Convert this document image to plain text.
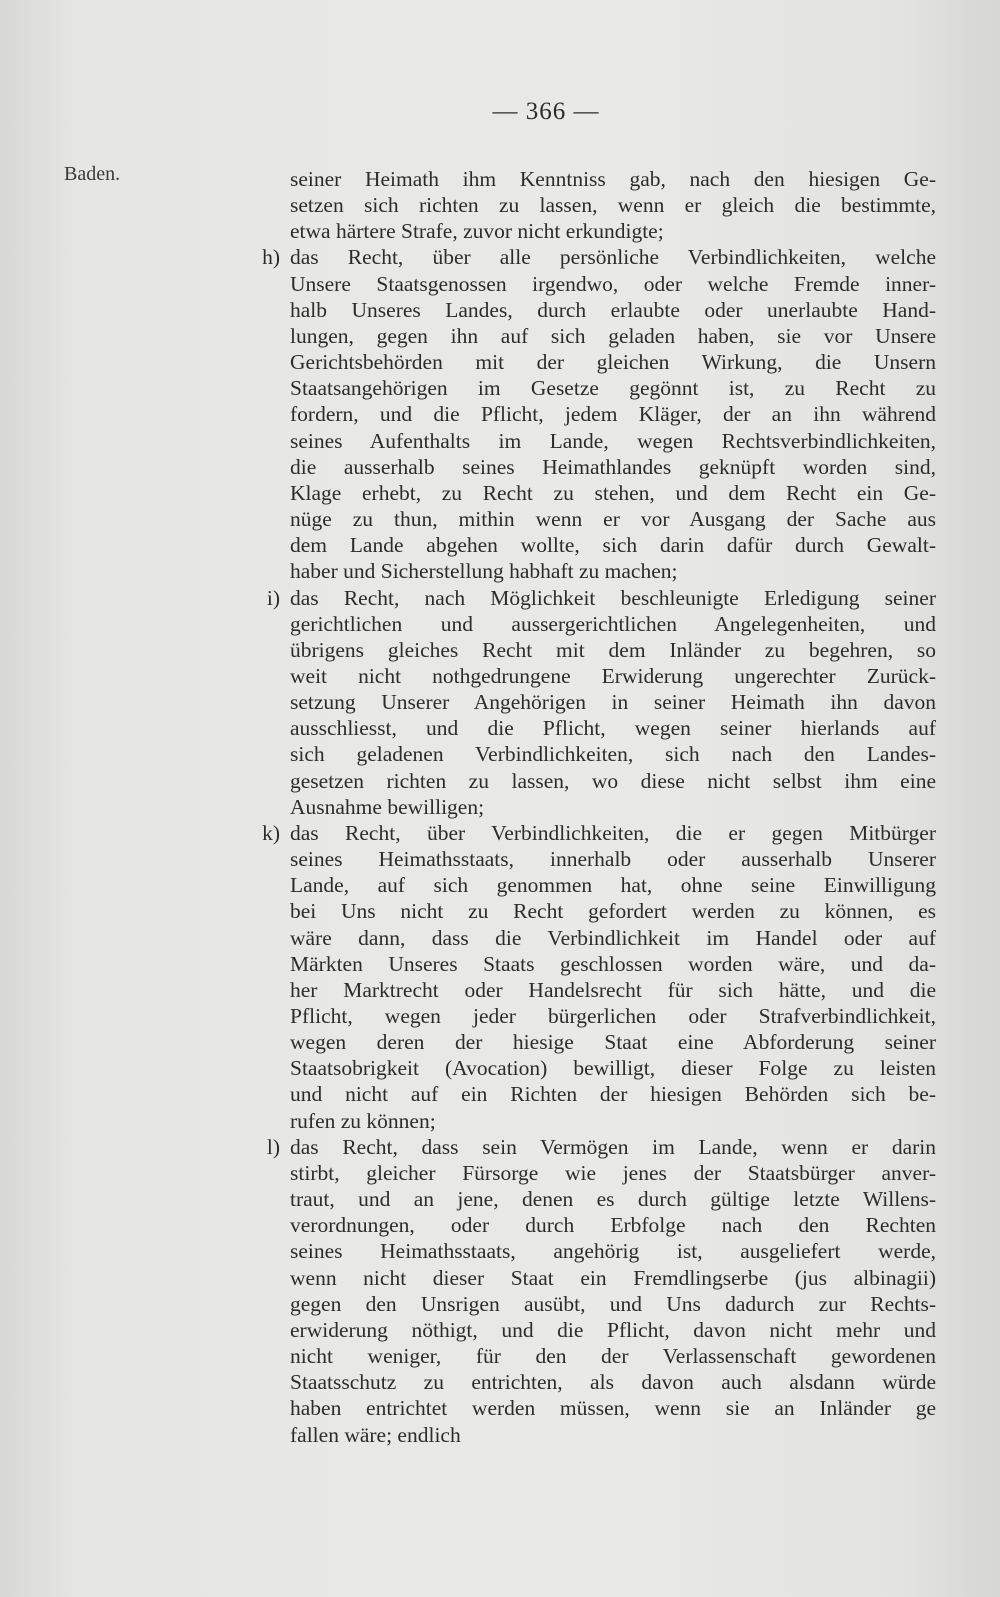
— 366 —
Baden.	seiner Heimath ihm Kenntniss gab, nach den hiesigen Ge-
setzen sich richten zu lassen, wenn er gleich die bestimmte,
etwa härtere Strafe, zuvor nicht erkundigte;
h) das Recht, über alle persönliche Verbindlichkeiten, welche
Unsere Staatsgenossen irgendwo, oder welche Fremde inner-
halb Unseres Landes, durch erlaubte oder unerlaubte Hand-
lungen, gegen ihn auf sich geladen haben, sie vor Unsere
Gerichtsbehörden mit der gleichen Wirkung, die Unsern
Staatsangehörigen im Gesetze gegönnt ist, zu Recht zu
fordern, und die Pflicht, jedem Kläger, der an ihn während
seines Aufenthalts im Lande, wegen Rechtsverbindlichkeiten,
die ausserhalb seines Heimathlandes geknüpft worden sind,
Klage erhebt, zu Recht zu stehen, und dem Recht ein Ge-
nüge zu thun, mithin wenn er vor Ausgang der Sache aus
dem Lande abgehen wollte, sich darin dafür durch Gewalt-
haber und Sicherstellung habhaft zu machen;
i) das Recht, nach Möglichkeit beschleunigte Erledigung seiner
gerichtlichen und aussergerichtlichen Angelegenheiten, und
übrigens gleiches Recht mit dem Inländer zu begehren, so
weit nicht nothgedrungene Erwiderung ungerechter Zurück-
setzung Unserer Angehörigen in seiner Heimath ihn davon
ausschliesst, und die Pflicht, wegen seiner hierlands auf
sich geladenen Verbindlichkeiten, sich nach den Landes-
gesetzen richten zu lassen, wo diese nicht selbst ihm eine
Ausnahme bewilligen;
k) das Recht, über Verbindlichkeiten, die er gegen Mitbürger
seines Heimathsstaats, innerhalb oder ausserhalb Unserer
Lande, auf sich genommen hat, ohne seine Einwilligung
bei Uns nicht zu Recht gefordert werden zu können, es
wäre dann, dass die Verbindlichkeit im Handel oder auf
Märkten Unseres Staats geschlossen worden wäre, und da-
her Marktrecht oder Handelsrecht für sich hätte, und die
Pflicht, wegen jeder bürgerlichen oder Strafverbindlichkeit,
wegen deren der hiesige Staat eine Abforderung seiner
Staatsobrigkeit (Avocation) bewilligt, dieser Folge zu leisten
und nicht auf ein Richten der hiesigen Behörden sich be-
rufen zu können;
l) das Recht, dass sein Vermögen im Lande, wenn er darin
stirbt, gleicher Fürsorge wie jenes der Staatsbürger anver-
traut, und an jene, denen es durch gültige letzte Willens-
verordnungen, oder durch Erbfolge nach den Rechten
seines Heimathsstaats, angehörig ist, ausgeliefert werde,
wenn nicht dieser Staat ein Fremdlingserbe (jus albinagii)
gegen den Unsrigen ausübt, und Uns dadurch zur Rechts-
erwiderung nöthigt, und die Pflicht, davon nicht mehr und
nicht weniger, für den der Verlassenschaft gewordenen
Staatsschutz zu entrichten, als davon auch alsdann würde
haben entrichtet werden müssen, wenn sie an Inländer ge
fallen wäre; endlich
